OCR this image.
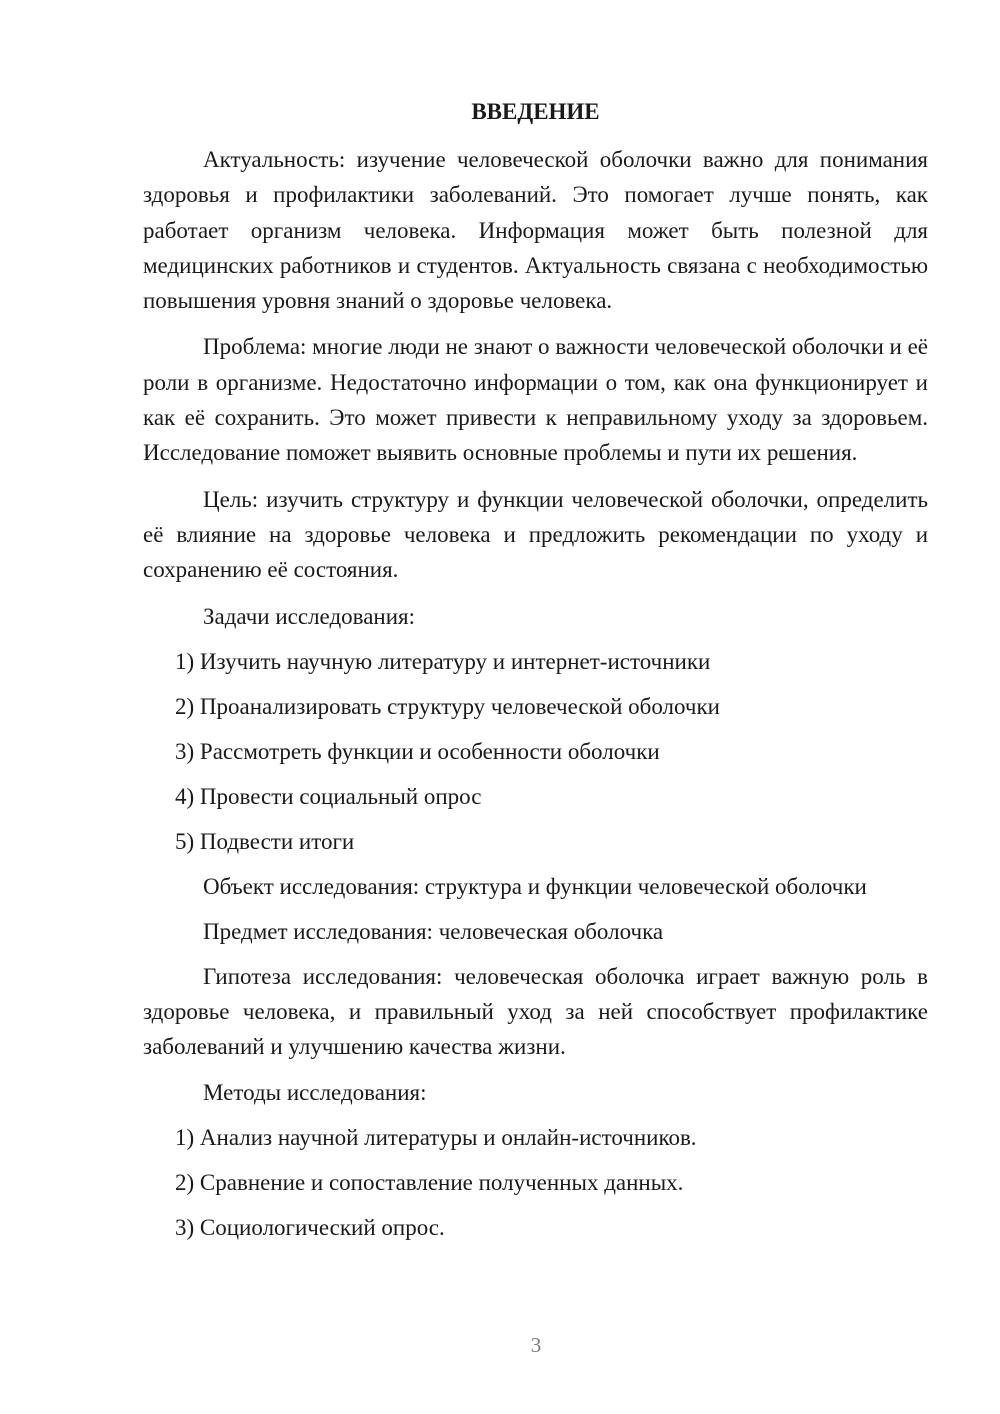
ВВЕДЕНИЕ

Актуальность: изучение человеческой оболочки важно для понимания здоровья и профилактики заболеваний. Это помогает лучше понять, как работает организм человека. Информация может быть полезной для медицинских работников и студентов. Актуальность связана с необходимостью повышения уровня знаний о здоровье человека.

Проблема: многие люди не знают о важности человеческой оболочки и её роли в организме. Недостаточно информации о том, как она функционирует и как её сохранить. Это может привести к неправильному уходу за здоровьем. Исследование поможет выявить основные проблемы и пути их решения.

Цель: изучить структуру и функции человеческой оболочки, определить её влияние на здоровье человека и предложить рекомендации по уходу и сохранению её состояния.

Задачи исследования:
1) Изучить научную литературу и интернет-источники
2) Проанализировать структуру человеческой оболочки
3) Рассмотреть функции и особенности оболочки
4) Провести социальный опрос
5) Подвести итоги
Объект исследования: структура и функции человеческой оболочки
Предмет исследования: человеческая оболочка

Гипотеза исследования: человеческая оболочка играет важную роль в здоровье человека, и правильный уход за ней способствует профилактике заболеваний и улучшению качества жизни.

Методы исследования:
1) Анализ научной литературы и онлайн-источников.
2) Сравнение и сопоставление полученных данных.
3) Социологический опрос.
3
